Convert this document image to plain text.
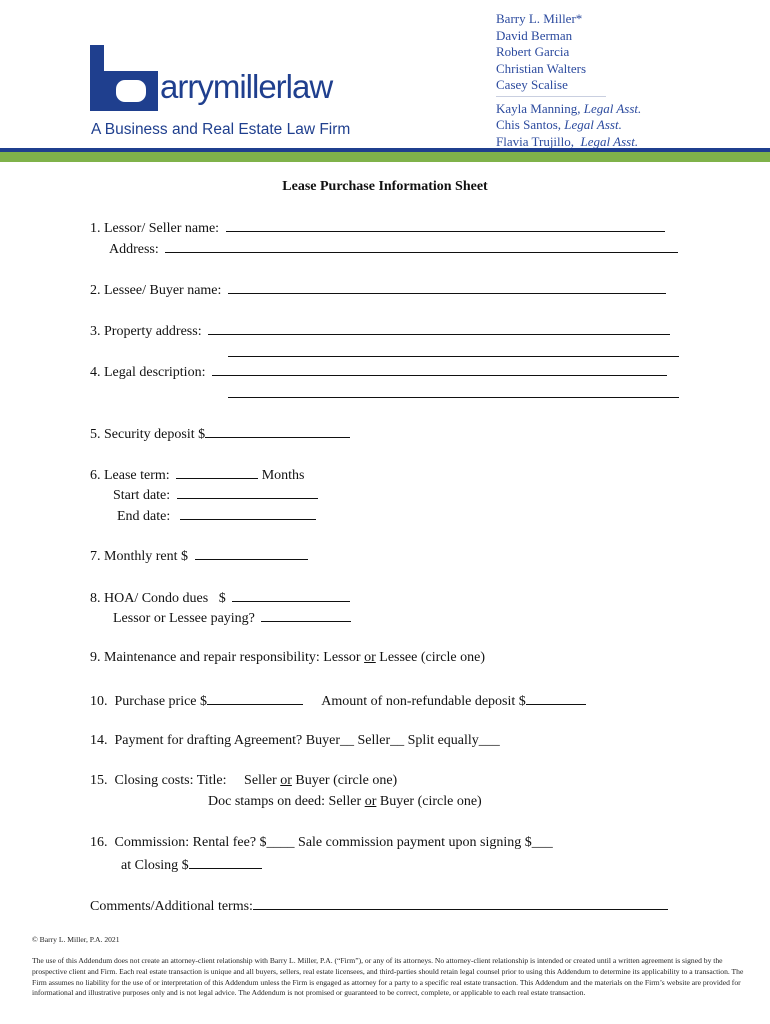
arrymillerlaw
A Business and Real Estate Law Firm
Barry L. Miller*
David Berman
Robert Garcia
Christian Walters
Casey Scalise
Kayla Manning, Legal Asst.
Chis Santos, Legal Asst.
Flavia Trujillo,  Legal Asst.
Lease Purchase Information Sheet
1. Lessor/ Seller name:
Address:
2. Lessee/ Buyer name:
3. Property address:
4. Legal description:
5. Security deposit $
6. Lease term:	Months
Start date:
End date:
7. Monthly rent $
8. HOA/ Condo dues   $
Lessor or Lessee paying?
9. Maintenance and repair responsibility: Lessor or Lessee (circle one)
10.  Purchase price $	Amount of non-refundable deposit $
14.  Payment for drafting Agreement? Buyer__ Seller__ Split equally___
15.  Closing costs: Title:     Seller or Buyer (circle one)
Doc stamps on deed: Seller or Buyer (circle one)
16.  Commission: Rental fee? $____ Sale commission payment upon signing $___
at Closing $
Comments/Additional terms:
© Barry L. Miller, P.A. 2021
The use of this Addendum does not create an attorney-client relationship with Barry L. Miller, P.A. (“Firm”), or any of its attorneys. No attorney-client relationship is intended or created until a written agreement is signed by the prospective client and Firm. Each real estate transaction is unique and all buyers, sellers, real estate licensees, and third-parties should retain legal counsel prior to using this Addendum to determine its applicability to a transaction. The Firm assumes no liability for the use of or interpretation of this Addendum unless the Firm is engaged as attorney for a party to a specific real estate transaction. This Addendum and the materials on the Firm’s website are provided for informational and illustrative purposes only and is not legal advice. The Addendum is not promised or guaranteed to be correct, complete, or applicable to each real estate transaction.
